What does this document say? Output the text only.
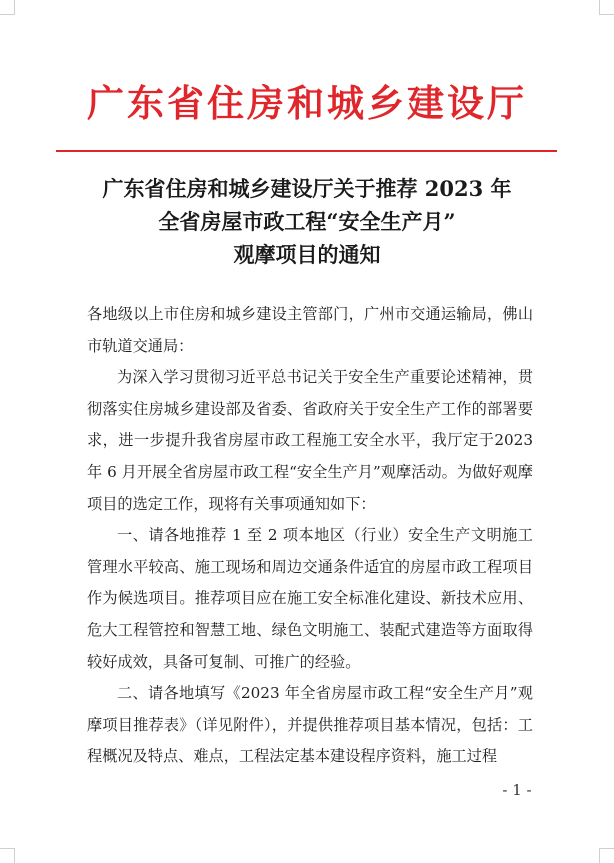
广东省住房和城乡建设厅
广东省住房和城乡建设厅关于推荐 2023 年
全省房屋市政工程“安全生产月”
观摩项目的通知

各地级以上市住房和城乡建设主管部门，广州市交通运输局，佛山市轨道交通局：

为深入学习贯彻习近平总书记关于安全生产重要论述精神，贯彻落实住房城乡建设部及省委、省政府关于安全生产工作的部署要求，进一步提升我省房屋市政工程施工安全水平，我厅定于2023 年 6 月开展全省房屋市政工程“安全生产月”观摩活动。为做好观摩项目的选定工作，现将有关事项通知如下：

一、请各地推荐 1 至 2 项本地区（行业）安全生产文明施工管理水平较高、施工现场和周边交通条件适宜的房屋市政工程项目作为候选项目。推荐项目应在施工安全标准化建设、新技术应用、危大工程管控和智慧工地、绿色文明施工、装配式建造等方面取得较好成效，具备可复制、可推广的经验。

二、请各地填写《2023 年全省房屋市政工程“安全生产月”观摩项目推荐表》（详见附件），并提供推荐项目基本情况，包括：工程概况及特点、难点，工程法定基本建设程序资料，施工过程

- 1 -
